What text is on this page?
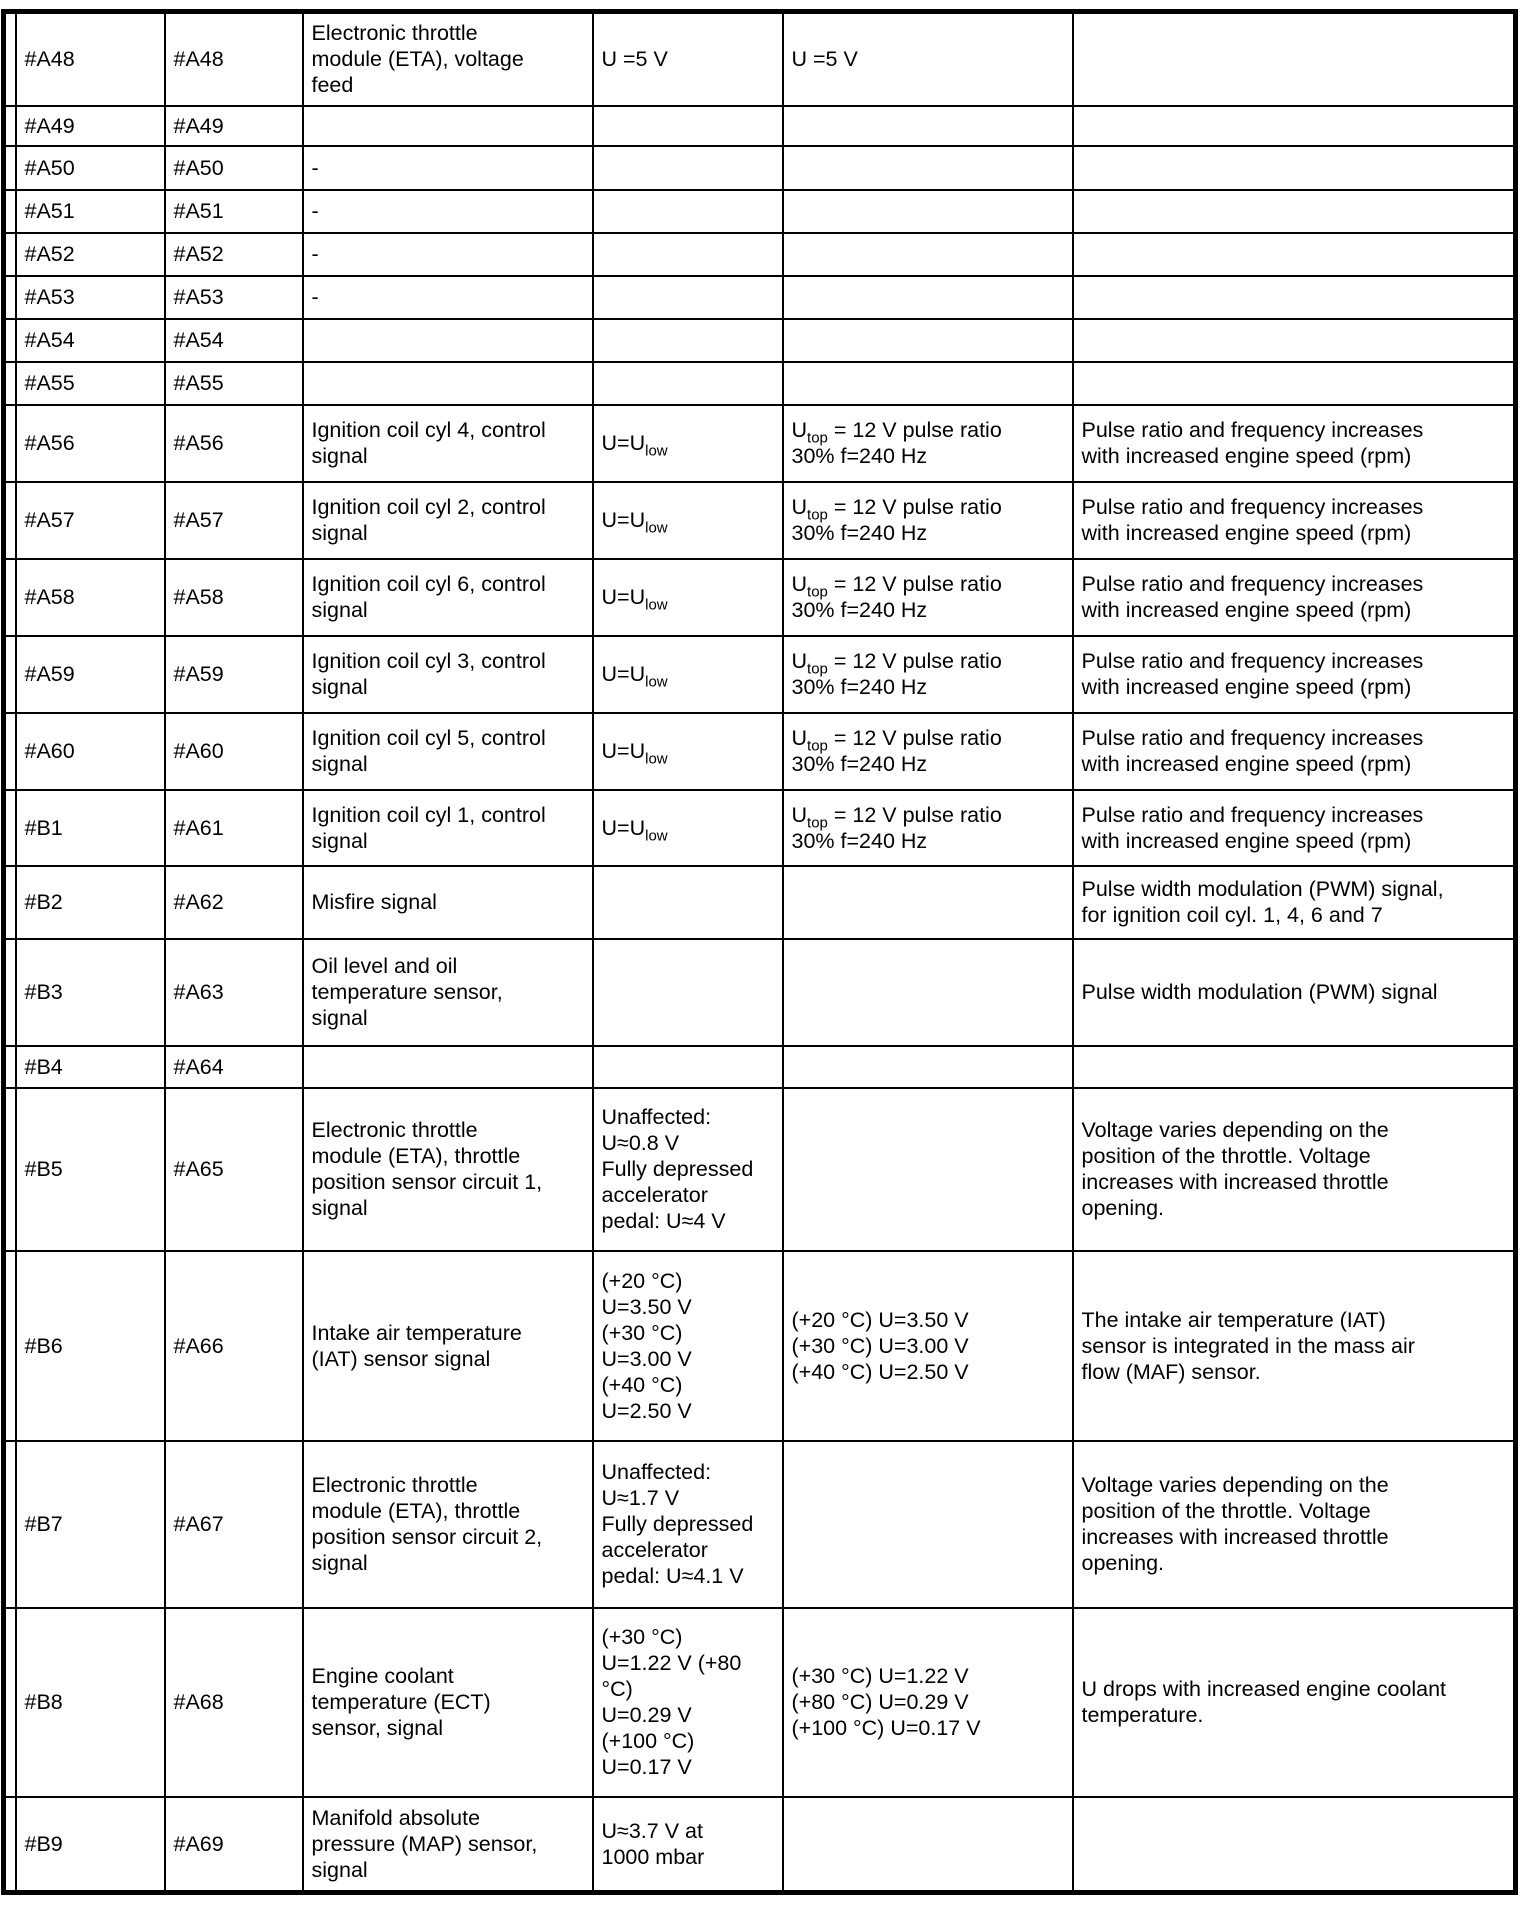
	#A48	#A48	Electronic throttle
module (ETA), voltage
feed	U =5 V	U =5 V	
	#A49	#A49				
	#A50	#A50	-			
	#A51	#A51	-			
	#A52	#A52	-			
	#A53	#A53	-			
	#A54	#A54				
	#A55	#A55				
	#A56	#A56	Ignition coil cyl 4, control
signal	$U=U_{low}$	$U_{top} = 12$ V pulse ratio
30% f=240 Hz	Pulse ratio and frequency increases
with increased engine speed (rpm)
	#A57	#A57	Ignition coil cyl 2, control
signal	$U=U_{low}$	$U_{top} = 12$ V pulse ratio
30% f=240 Hz	Pulse ratio and frequency increases
with increased engine speed (rpm)
	#A58	#A58	Ignition coil cyl 6, control
signal	$U=U_{low}$	$U_{top} = 12$ V pulse ratio
30% f=240 Hz	Pulse ratio and frequency increases
with increased engine speed (rpm)
	#A59	#A59	Ignition coil cyl 3, control
signal	$U=U_{low}$	$U_{top} = 12$ V pulse ratio
30% f=240 Hz	Pulse ratio and frequency increases
with increased engine speed (rpm)
	#A60	#A60	Ignition coil cyl 5, control
signal	$U=U_{low}$	$U_{top} = 12$ V pulse ratio
30% f=240 Hz	Pulse ratio and frequency increases
with increased engine speed (rpm)
	#B1	#A61	Ignition coil cyl 1, control
signal	$U=U_{low}$	$U_{top} = 12$ V pulse ratio
30% f=240 Hz	Pulse ratio and frequency increases
with increased engine speed (rpm)
	#B2	#A62	Misfire signal			Pulse width modulation (PWM) signal,
for ignition coil cyl. 1, 4, 6 and 7
	#B3	#A63	Oil level and oil
temperature sensor,
signal			Pulse width modulation (PWM) signal
	#B4	#A64				
	#B5	#A65	Electronic throttle
module (ETA), throttle
position sensor circuit 1,
signal	Unaffected:
U≈0.8 V
Fully depressed
accelerator
pedal: U≈4 V		Voltage varies depending on the
position of the throttle. Voltage
increases with increased throttle
opening.
	#B6	#A66	Intake air temperature
(IAT) sensor signal	(+20 °C)
U=3.50 V
(+30 °C)
U=3.00 V
(+40 °C)
U=2.50 V	(+20 °C) U=3.50 V
(+30 °C) U=3.00 V
(+40 °C) U=2.50 V	The intake air temperature (IAT)
sensor is integrated in the mass air
flow (MAF) sensor.
	#B7	#A67	Electronic throttle
module (ETA), throttle
position sensor circuit 2,
signal	Unaffected:
U≈1.7 V
Fully depressed
accelerator
pedal: U≈4.1 V		Voltage varies depending on the
position of the throttle. Voltage
increases with increased throttle
opening.
	#B8	#A68	Engine coolant
temperature (ECT)
sensor, signal	(+30 °C)
U=1.22 V (+80
°C)
U=0.29 V
(+100 °C)
U=0.17 V	(+30 °C) U=1.22 V
(+80 °C) U=0.29 V
(+100 °C) U=0.17 V	U drops with increased engine coolant
temperature.
	#B9	#A69	Manifold absolute
pressure (MAP) sensor,
signal	U≈3.7 V at
1000 mbar		
